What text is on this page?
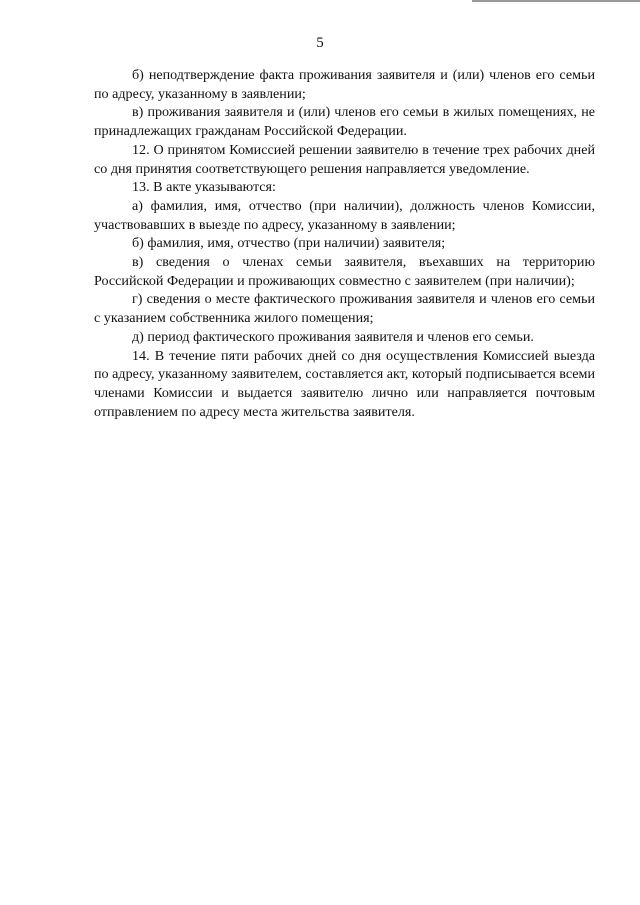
5

б) неподтверждение факта проживания заявителя и (или) членов его семьи по адресу, указанному в заявлении;

в) проживания заявителя и (или) членов его семьи в жилых помещениях, не принадлежащих гражданам Российской Федерации.

12. О принятом Комиссией решении заявителю в течение трех рабочих дней со дня принятия соответствующего решения направляется уведомление.

13. В акте указываются:

а) фамилия, имя, отчество (при наличии), должность членов Комиссии, участвовавших в выезде по адресу, указанному в заявлении;

б) фамилия, имя, отчество (при наличии) заявителя;

в) сведения о членах семьи заявителя, въехавших на территорию Российской Федерации и проживающих совместно с заявителем (при наличии);

г) сведения о месте фактического проживания заявителя и членов его семьи с указанием собственника жилого помещения;

д) период фактического проживания заявителя и членов его семьи.

14. В течение пяти рабочих дней со дня осуществления Комиссией выезда по адресу, указанному заявителем, составляется акт, который подписывается всеми членами Комиссии и выдается заявителю лично или направляется почтовым отправлением по адресу места жительства заявителя.
